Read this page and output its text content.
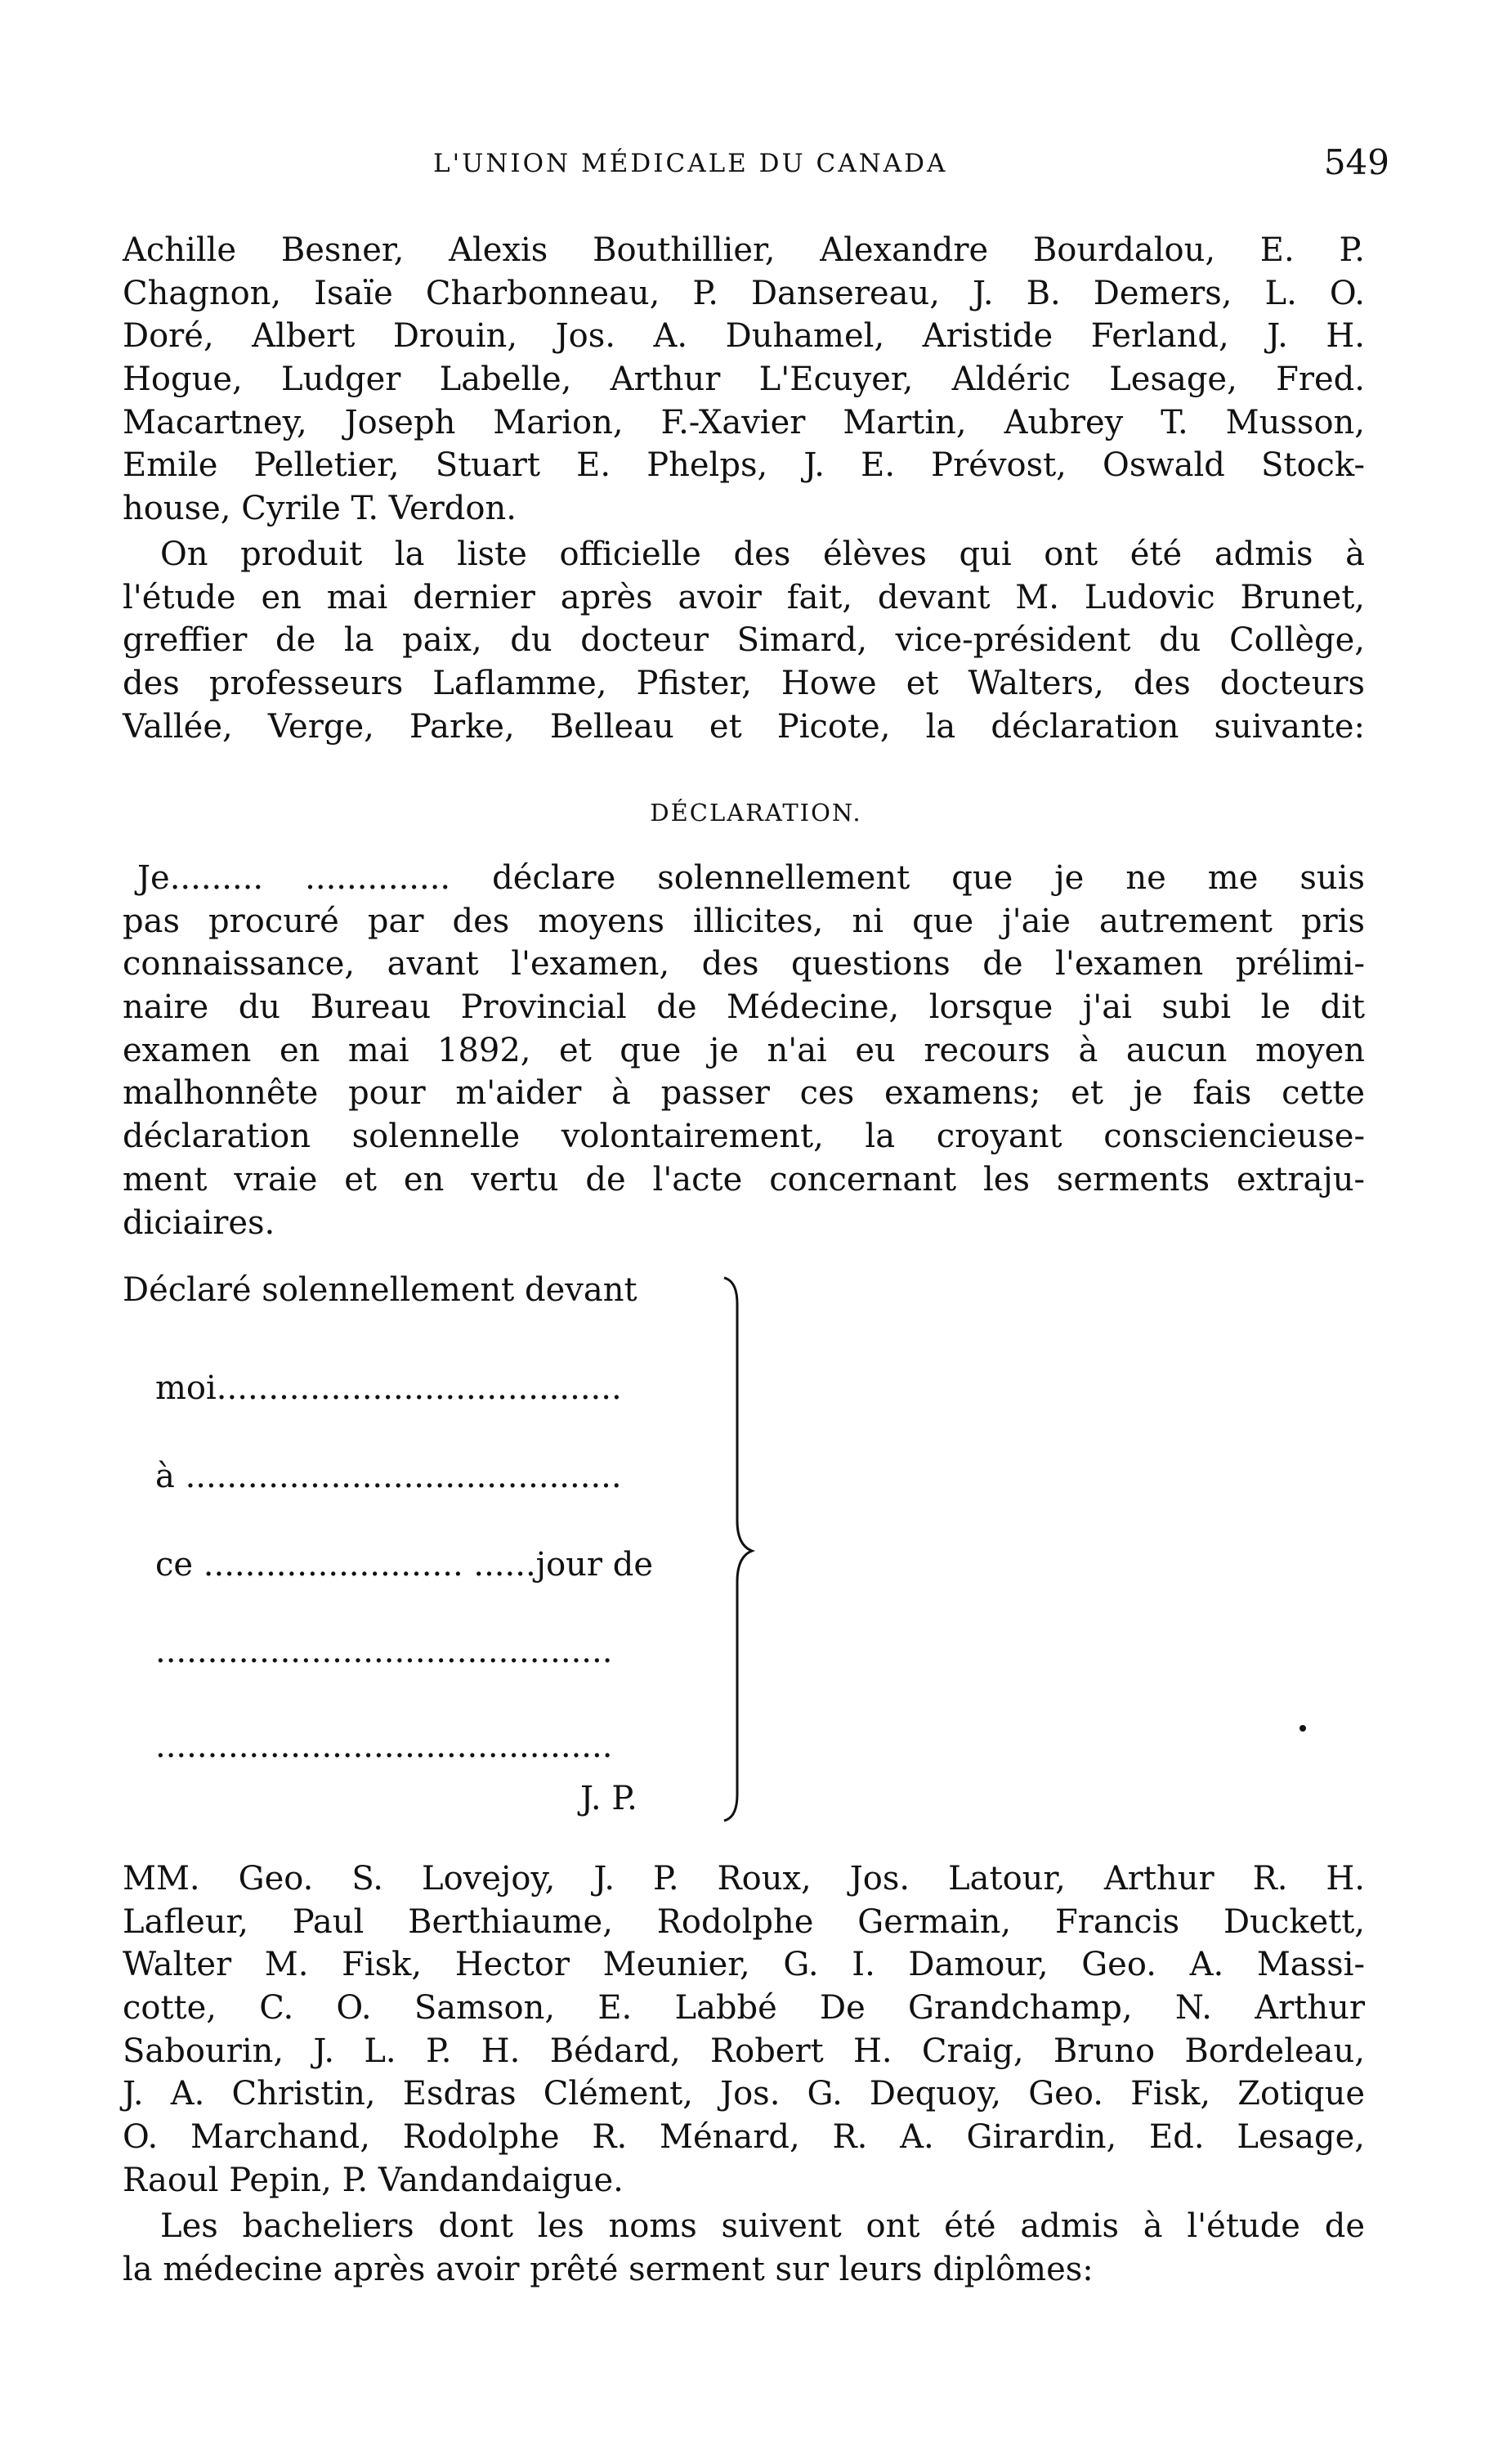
L'UNION MÉDICALE DU CANADA	549
Achille Besner, Alexis Bouthillier, Alexandre Bourdalou, E. P.
Chagnon, Isaïe Charbonneau, P. Dansereau, J. B. Demers, L. O.
Doré, Albert Drouin, Jos. A. Duhamel, Aristide Ferland, J. H.
Hogue, Ludger Labelle, Arthur L'Ecuyer, Aldéric Lesage, Fred.
Macartney, Joseph Marion, F.-Xavier Martin, Aubrey T. Musson,
Emile Pelletier, Stuart E. Phelps, J. E. Prévost, Oswald Stock-
house, Cyrile T. Verdon.
On produit la liste officielle des élèves qui ont été admis à
l'étude en mai dernier après avoir fait, devant M. Ludovic Brunet,
greffier de la paix, du docteur Simard, vice-président du Collège,
des professeurs Laflamme, Pfister, Howe et Walters, des docteurs
Vallée, Verge, Parke, Belleau et Picote, la déclaration suivante:
DÉCLARATION.
Je......... .............. déclare solennellement que je ne me suis
pas procuré par des moyens illicites, ni que j'aie autrement pris
connaissance, avant l'examen, des questions de l'examen prélimi-
naire du Bureau Provincial de Médecine, lorsque j'ai subi le dit
examen en mai 1892, et que je n'ai eu recours à aucun moyen
malhonnête pour m'aider à passer ces examens; et je fais cette
déclaration solennelle volontairement, la croyant consciencieuse-
ment vraie et en vertu de l'acte concernant les serments extraju-
diciaires.
Déclaré solennellement devant
moi.......................................
à ..........................................
ce ......................... ......jour de
............................................
............................................
J. P.
MM. Geo. S. Lovejoy, J. P. Roux, Jos. Latour, Arthur R. H.
Lafleur, Paul Berthiaume, Rodolphe Germain, Francis Duckett,
Walter M. Fisk, Hector Meunier, G. I. Damour, Geo. A. Massi-
cotte, C. O. Samson, E. Labbé De Grandchamp, N. Arthur
Sabourin, J. L. P. H. Bédard, Robert H. Craig, Bruno Bordeleau,
J. A. Christin, Esdras Clément, Jos. G. Dequoy, Geo. Fisk, Zotique
O. Marchand, Rodolphe R. Ménard, R. A. Girardin, Ed. Lesage,
Raoul Pepin, P. Vandandaigue.
Les bacheliers dont les noms suivent ont été admis à l'étude de
la médecine après avoir prêté serment sur leurs diplômes:
